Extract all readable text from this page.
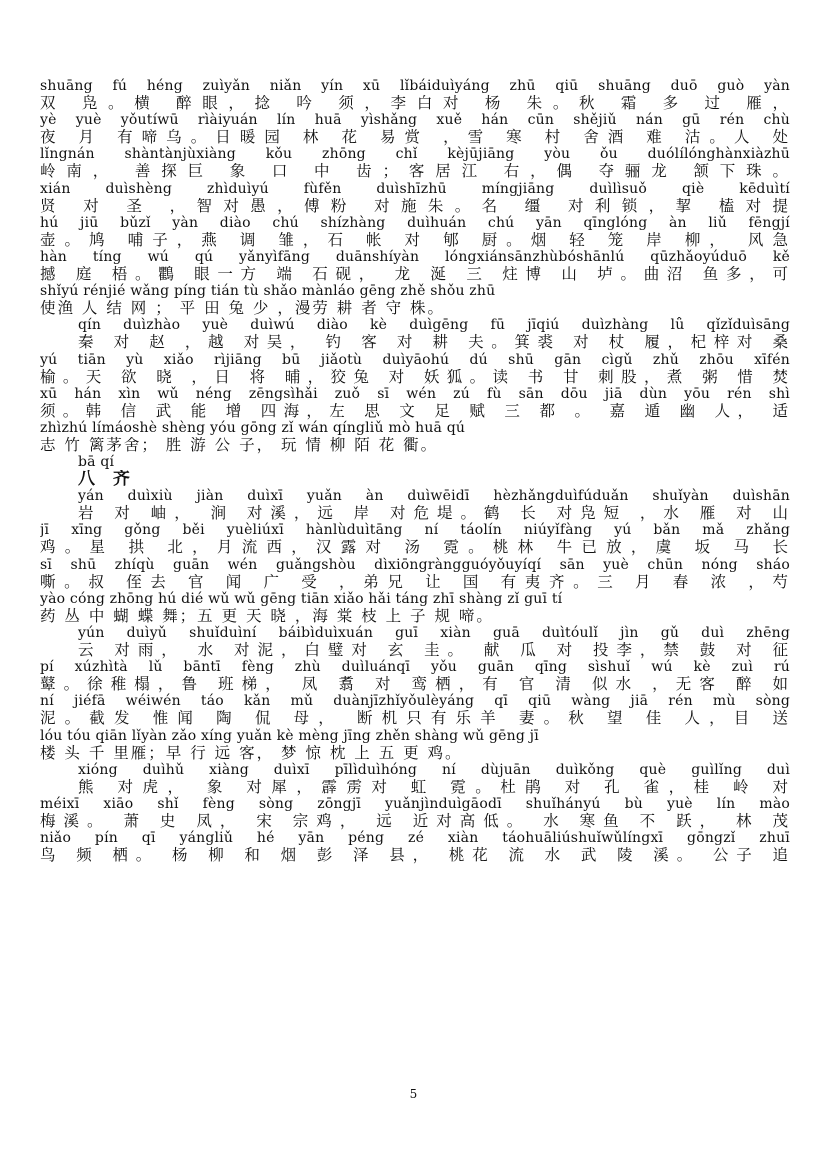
shuāng fú héng zuìyǎn niǎn yín xū lǐbáiduìyáng zhū qiū shuāng duō guò yàn
双 凫。横 醉眼，捻 吟 须，李白对 杨 朱。秋 霜 多 过 雁，
yè yuè yǒutíwū rìàiyuán lín huā yìshǎng xuě hán cūn shějiǔ nán gū rén chù
夜 月 有啼乌。日暖园 林 花 易赏 ，雪 寒 村 舍酒 难 沽。人 处
lǐngnán shàntànjùxiàng kǒu zhōng chǐ kèjūjiāng yòu ǒu duólílónghànxiàzhū
岭南， 善探巨 象 口 中 齿；客居江 右，偶 夺骊龙 颔下珠。
xián duìshèng zhìduìyú fùfěn duìshīzhū míngjiāng duìlìsuǒ qiè kēduìtí
贤 对 圣 ，智对愚，傅粉 对施朱。名 缰 对利锁，挈 榼对提
hú jiū bǔzǐ yàn diào chú shízhàng duìhuán chú yān qīnglóng àn liǔ fēngjí
壶。鸠 哺子，燕 调 雏，石 帐 对 郇 厨。烟 轻 笼 岸 柳， 风急
hàn tíng wú qú yǎnyìfāng duānshíyàn lóngxiánsānzhùbóshānlú qūzhǎoyúduō kě
撼 庭 梧。鸜 眼一方 端 石砚， 龙 涎 三 炷博 山 垆。曲沼 鱼多，可
shǐyú rénjié wǎng píng tián tù shǎo mànláo gēng zhě shǒu zhū
使渔 人 结 网 ； 平 田 兔 少 ，漫劳 耕 者 守 株。
qín duìzhào yuè duìwú diào kè duìgēng fū jīqiú duìzhàng lǚ qǐzǐduìsāng
秦 对 赵 ，越 对吴， 钓 客 对 耕 夫。箕裘 对 杖 履，杞梓对 桑
yú tiān yù xiǎo rìjiāng bū jiǎotù duìyāohú dú shū gān cìgǔ zhǔ zhōu xīfén
榆。天 欲 晓 ，日 将 晡，狡兔 对 妖狐。读 书 甘 刺股，煮 粥 惜 焚
xū hán xìn wǔ néng zēngsìhǎi zuǒ sī wén zú fù sān dōu jiā dùn yōu rén shì
须。韩 信 武 能 增 四海，左 思 文 足 赋 三 都 。 嘉 遁 幽 人， 适
zhìzhú límáoshè shèng yóu gōng zǐ wán qíngliǔ mò huā qú
志 竹 篱茅舍； 胜 游 公 子， 玩 情 柳 陌 花 衢。
bā qí
八 齐
yán duìxiù jiàn duìxī yuǎn àn duìwēidī hèzhǎngduìfúduǎn shuǐyàn duìshān
岩 对 岫， 涧 对溪，远 岸 对危堤。鹤 长 对凫短 ，水 雁 对 山
jī xīng gǒng běi yuèliúxī hànlùduìtāng ní táolín niúyǐfàng yú bǎn mǎ zhǎng
鸡。星 拱 北，月流西，汉露对 汤 霓。桃林 牛已放，虞 坂 马 长
sī shū zhíqù guān wén guǎngshòu dìxiōngràngguóyǒuyíqí sān yuè chūn nóng sháo
嘶。叔 侄去 官 闻 广 受 ，弟兄 让 国 有夷齐。三 月 春 浓 ，芍
yào cóng zhōng hú dié wǔ wǔ gēng tiān xiǎo hǎi táng zhī shàng zǐ guī tí
药 丛 中 蝴 蝶 舞；五 更 天 晓 ，海 棠 枝 上 子 规 啼。
yún duìyǔ shuǐduìní báibìduìxuán guī xiàn guā duìtóulǐ jìn gǔ duì zhēng
云 对雨， 水 对泥，白璧对 玄 圭。 献 瓜 对 投李，禁 鼓 对 征
pí xúzhìtà lǔ bāntī fèng zhù duìluánqī yǒu guān qīng sìshuǐ wú kè zuì rú
鼙。徐稚榻，鲁 班梯， 凤 翥 对 鸾栖，有 官 清 似水 ，无客 醉 如
ní jiéfā wéiwén táo kǎn mǔ duànjīzhǐyǒulèyáng qī qiū wàng jiā rén mù sòng
泥。截发 惟闻 陶 侃 母， 断机只有乐羊 妻。秋 望 佳 人，目 送
lóu tóu qiān lǐyàn zǎo xíng yuǎn kè mèng jīng zhěn shàng wǔ gēng jī
楼 头 千 里雁；早 行 远 客， 梦 惊 枕 上 五 更 鸡。
xióng duìhǔ xiàng duìxī pīlìduìhóng ní dùjuān duìkǒng què guìlǐng duì
熊 对虎， 象 对犀，霹雳对 虹 霓。杜鹃 对 孔 雀，桂 岭 对
méixī xiāo shǐ fèng sòng zōngjī yuǎnjìnduìgāodī shuǐhányú bù yuè lín mào
梅溪。 萧 史 凤， 宋 宗鸡， 远 近对高低。 水 寒鱼 不 跃， 林 茂
niǎo pín qī yángliǔ hé yān péng zé xiàn táohuāliúshuǐwǔlíngxī gōngzǐ zhuī
鸟 频 栖。 杨 柳 和 烟 彭 泽 县， 桃花 流 水 武 陵 溪。 公子 追
5
